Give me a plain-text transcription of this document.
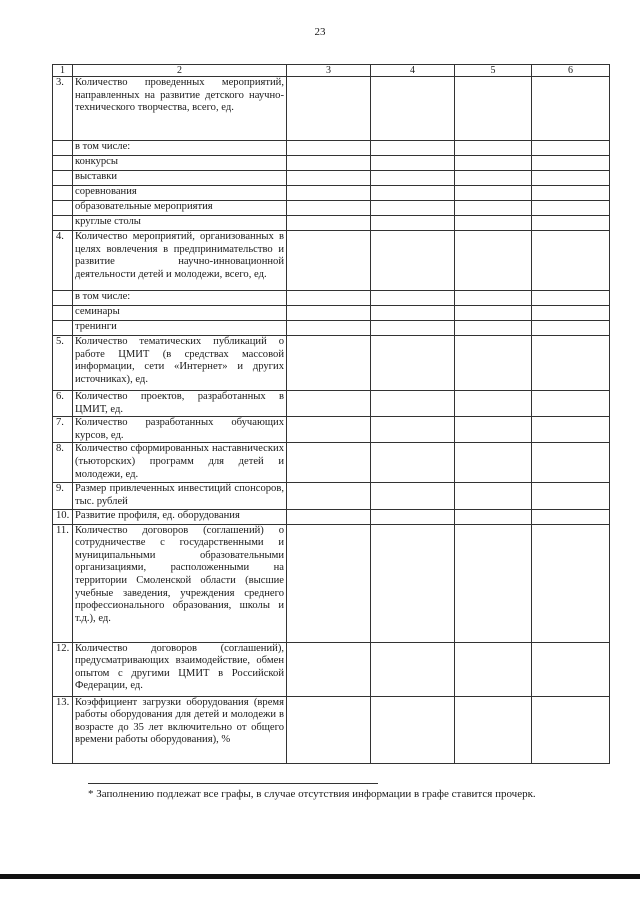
23
1	2	3	4	5	6
3.	Количество проведенных мероприятий, направленных на развитие детского научно-технического творчества, всего, ед.				
	в том числе:				
	конкурсы				
	выставки				
	соревнования				
	образовательные мероприятия				
	круглые столы				
4.	Количество мероприятий, организованных в целях вовлечения в предпринимательство и развитие научно-инновационной деятельности детей и молодежи, всего, ед.				
	в том числе:				
	семинары				
	тренинги				
5.	Количество тематических публикаций о работе ЦМИТ (в средствах массовой информации, сети «Интернет» и других источниках), ед.				
6.	Количество проектов, разработанных в ЦМИТ, ед.				
7.	Количество разработанных обучающих курсов, ед.				
8.	Количество сформированных наставнических (тьюторских) программ для детей и молодежи, ед.				
9.	Размер привлеченных инвестиций спонсоров, тыс. рублей				
10.	Развитие профиля, ед. оборудования				
11.	Количество договоров (соглашений) о сотрудничестве с государственными и муниципальными образовательными организациями, расположенными на территории Смоленской области (высшие учебные заведения, учреждения среднего профессионального образования, школы и т.д.), ед.				
12.	Количество договоров (соглашений), предусматривающих взаимодействие, обмен опытом с другими ЦМИТ в Российской Федерации, ед.				
13.	Коэффициент загрузки оборудования (время работы оборудования для детей и молодежи в возрасте до 35 лет включительно от общего времени работы оборудования), %				
* Заполнению подлежат все графы, в случае отсутствия информации в графе ставится прочерк.
